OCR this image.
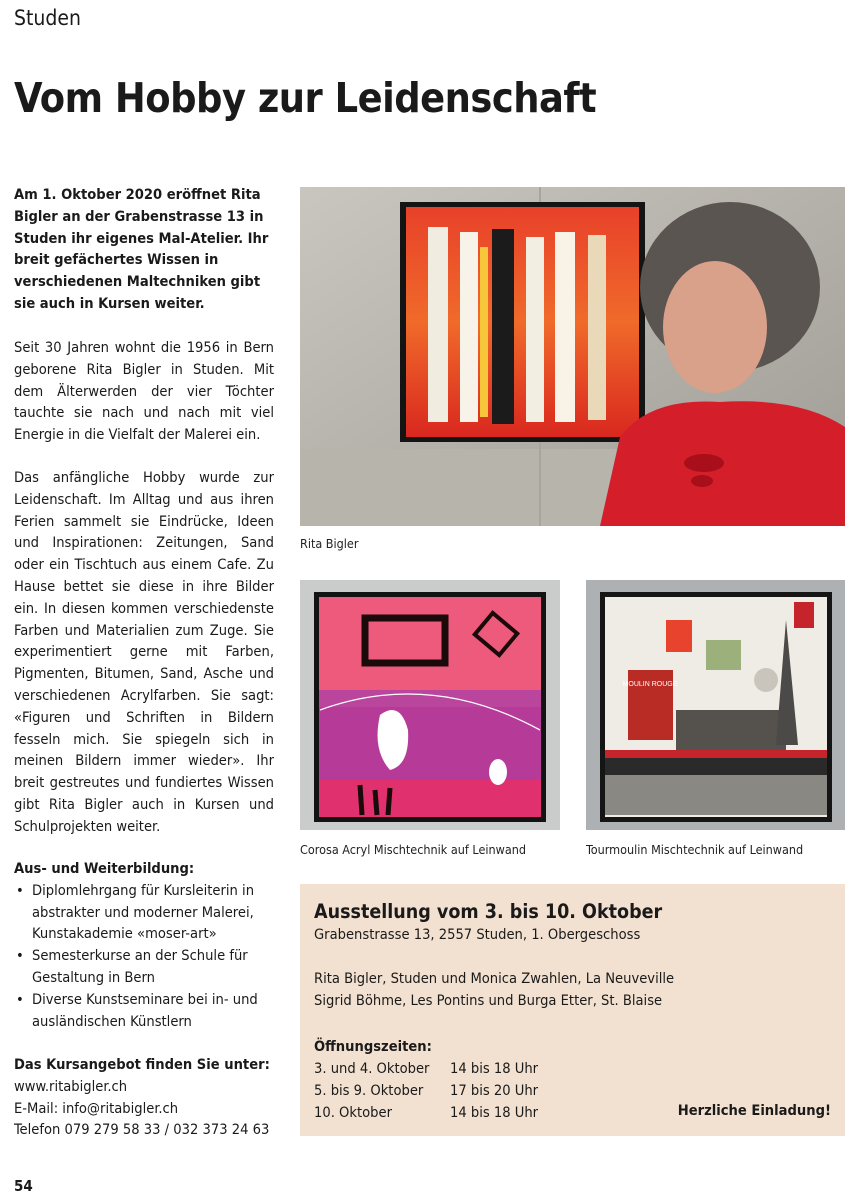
Studen
Vom Hobby zur Leidenschaft
Am 1. Oktober 2020 eröffnet Rita Bigler an der Grabenstrasse 13 in Studen ihr eigenes Mal-Atelier. Ihr breit gefächertes Wissen in verschiedenen Maltechniken gibt sie auch in Kursen weiter.
Seit 30 Jahren wohnt die 1956 in Bern geborene Rita Bigler in Studen. Mit dem Älterwerden der vier Töchter tauchte sie nach und nach mit viel Energie in die Vielfalt der Malerei ein.
Das anfängliche Hobby wurde zur Leidenschaft. Im Alltag und aus ihren Ferien sammelt sie Eindrücke, Ideen und Inspirationen: Zeitungen, Sand oder ein Tischtuch aus einem Cafe. Zu Hause bettet sie diese in ihre Bilder ein. In diesen kommen verschiedenste Farben und Materialien zum Zuge. Sie experimentiert gerne mit Farben, Pigmenten, Bitumen, Sand, Asche und verschiedenen Acrylfarben. Sie sagt: «Figuren und Schriften in Bildern fesseln mich. Sie spiegeln sich in meinen Bildern immer wieder». Ihr breit gestreutes und fundiertes Wissen gibt Rita Bigler auch in Kursen und Schulprojekten weiter.
Aus- und Weiterbildung:
• Diplomlehrgang für Kursleiterin in abstrakter und moderner Malerei, Kunstakademie «moser-art»
• Semesterkurse an der Schule für Gestaltung in Bern
• Diverse Kunstseminare bei in- und ausländischen Künstlern
Das Kursangebot finden Sie unter:
www.ritabigler.ch
E-Mail: info@ritabigler.ch
Telefon 079 279 58 33 / 032 373 24 63
Rita Bigler
Corosa Acryl Mischtechnik auf Leinwand
MOULIN ROUGE
Tourmoulin Mischtechnik auf Leinwand
Ausstellung vom 3. bis 10. Oktober
Grabenstrasse 13, 2557 Studen, 1. Obergeschoss
Rita Bigler, Studen und Monica Zwahlen, La Neuveville
Sigrid Böhme, Les Pontins und Burga Etter, St. Blaise
Öffnungszeiten:
3. und 4. Oktober	14 bis 18 Uhr
5. bis 9. Oktober	17 bis 20 Uhr
10. Oktober	14 bis 18 Uhr	Herzliche Einladung!
54
